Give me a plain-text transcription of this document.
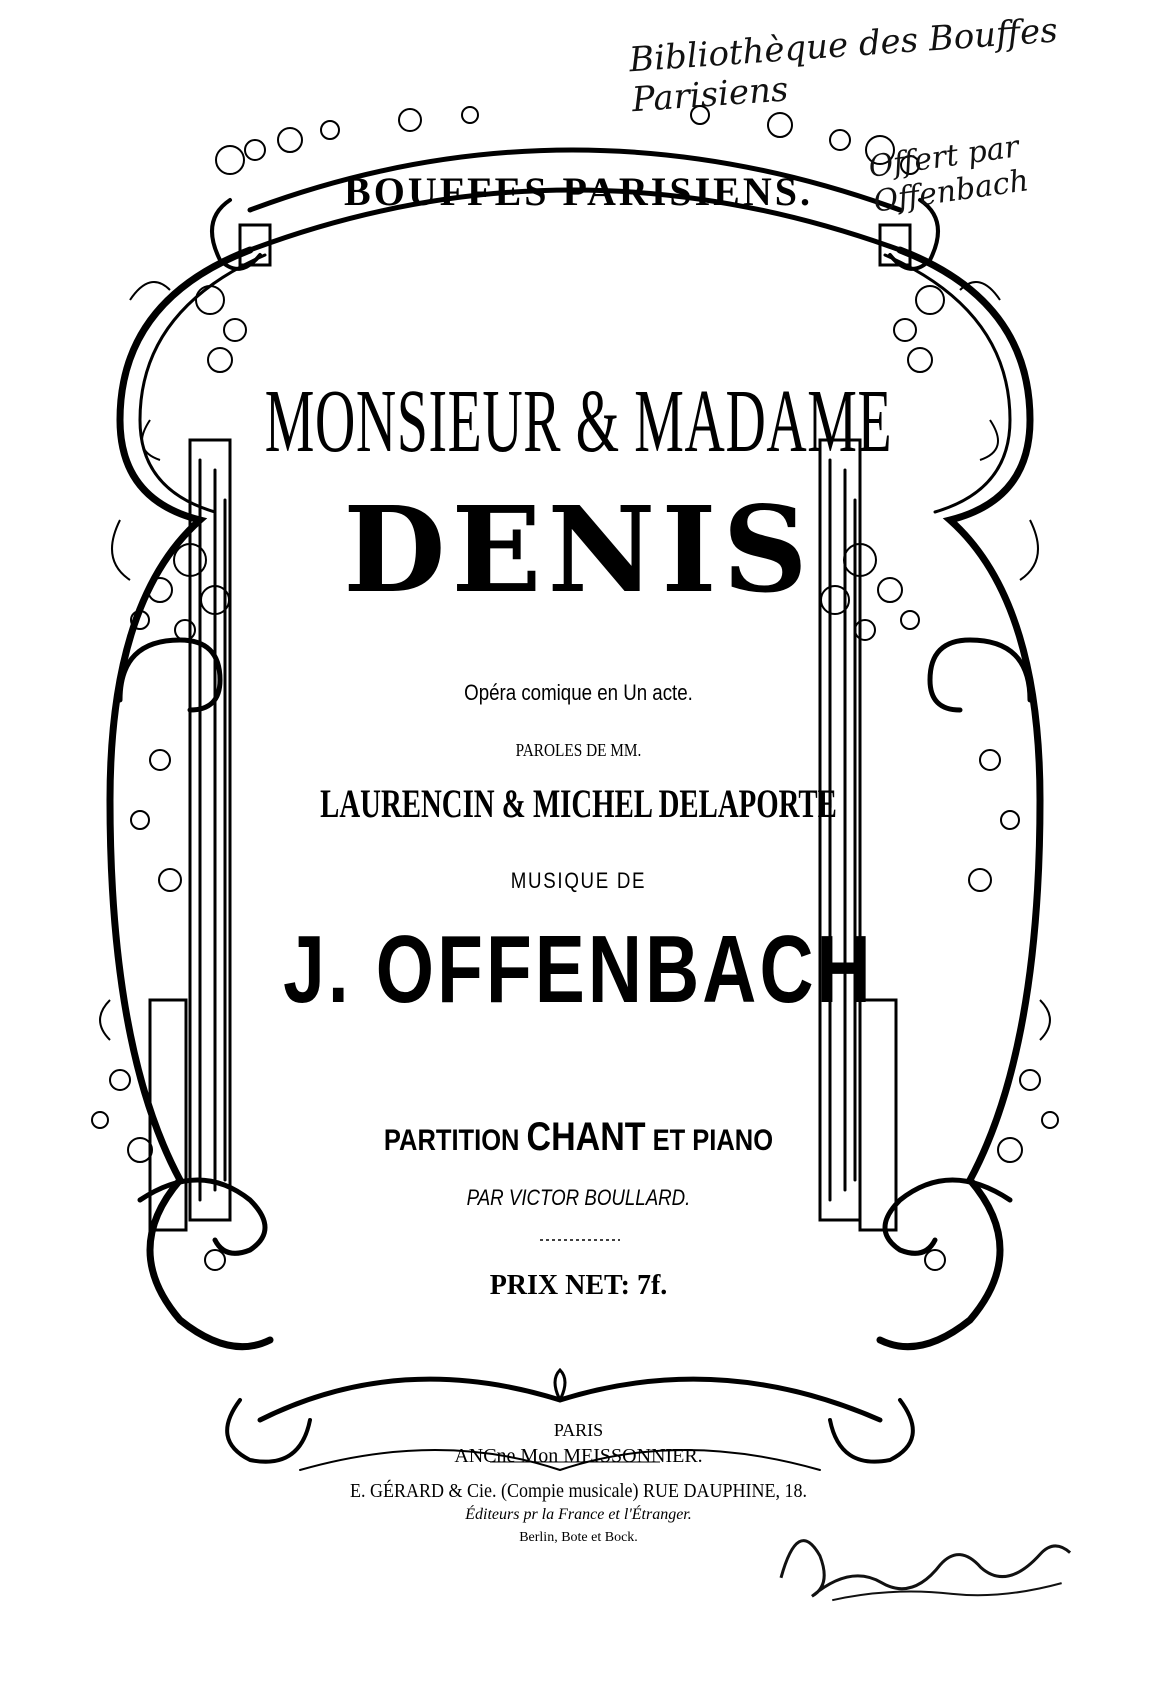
BOUFFES PARISIENS.
MONSIEUR & MADAME
DENIS
Opéra comique en Un acte.
PAROLES DE MM.
LAURENCIN & MICHEL DELAPORTE
MUSIQUE DE
J. OFFENBACH
PARTITION CHANT ET PIANO
PAR VICTOR BOULLARD.
PRIX NET: 7f.
PARIS
ANCne Mon MEISSONNIER.
E. GÉRARD & Cie. (Compie musicale) RUE DAUPHINE, 18.
Éditeurs pr la France et l'Étranger.
Berlin, Bote et Bock.
Bibliothèque des Bouffes Parisiens
Offert par Offenbach
